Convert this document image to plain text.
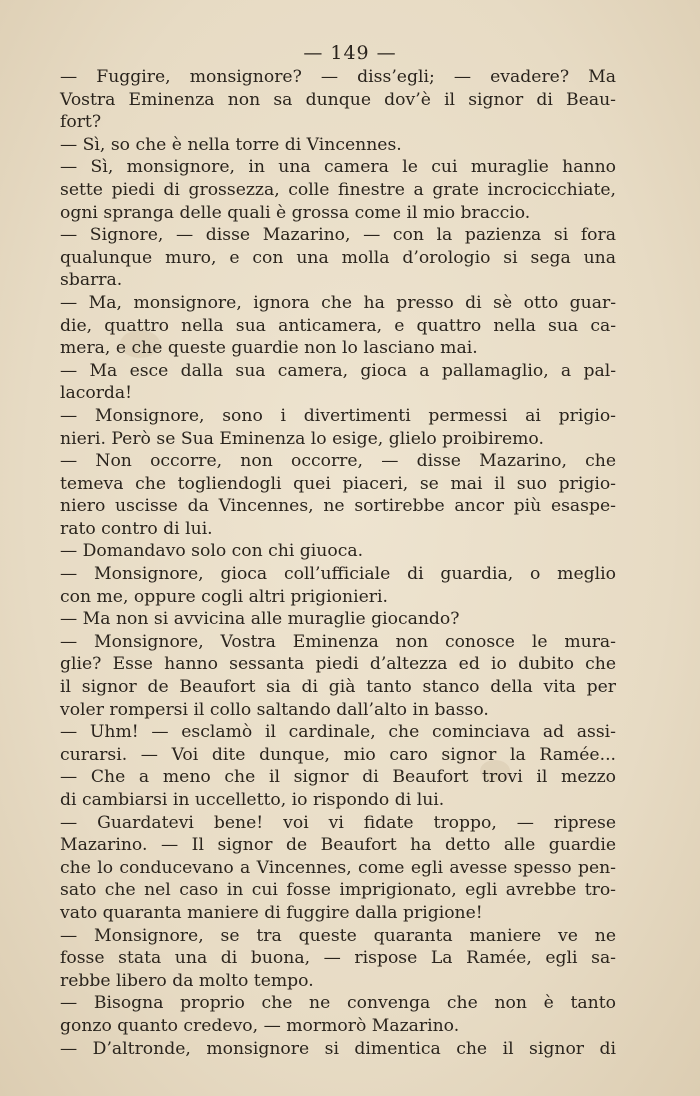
— 149 —
— Fuggire, monsignore? — diss’egli; — evadere? Ma
Vostra Eminenza non sa dunque dov’è il signor di Beau-
fort?
— Sì, so che è nella torre di Vincennes.
— Sì, monsignore, in una camera le cui muraglie hanno
sette piedi di grossezza, colle finestre a grate incrocicchiate,
ogni spranga delle quali è grossa come il mio braccio.
— Signore, — disse Mazarino, — con la pazienza si fora
qualunque muro, e con una molla d’orologio si sega una
sbarra.
— Ma, monsignore, ignora che ha presso di sè otto guar-
die, quattro nella sua anticamera, e quattro nella sua ca-
mera, e che queste guardie non lo lasciano mai.
— Ma esce dalla sua camera, gioca a pallamaglio, a pal-
lacorda!
— Monsignore, sono i divertimenti permessi ai prigio-
nieri. Però se Sua Eminenza lo esige, glielo proibiremo.
— Non occorre, non occorre, — disse Mazarino, che
temeva che togliendogli quei piaceri, se mai il suo prigio-
niero uscisse da Vincennes, ne sortirebbe ancor più esaspe-
rato contro di lui.
— Domandavo solo con chi giuoca.
— Monsignore, gioca coll’ufficiale di guardia, o meglio
con me, oppure cogli altri prigionieri.
— Ma non si avvicina alle muraglie giocando?
— Monsignore, Vostra Eminenza non conosce le mura-
glie? Esse hanno sessanta piedi d’altezza ed io dubito che
il signor de Beaufort sia di già tanto stanco della vita per
voler rompersi il collo saltando dall’alto in basso.
— Uhm! — esclamò il cardinale, che cominciava ad assi-
curarsi. — Voi dite dunque, mio caro signor la Ramée...
— Che a meno che il signor di Beaufort trovi il mezzo
di cambiarsi in uccelletto, io rispondo di lui.
— Guardatevi bene! voi vi fidate troppo, — riprese
Mazarino. — Il signor de Beaufort ha detto alle guardie
che lo conducevano a Vincennes, come egli avesse spesso pen-
sato che nel caso in cui fosse imprigionato, egli avrebbe tro-
vato quaranta maniere di fuggire dalla prigione!
— Monsignore, se tra queste quaranta maniere ve ne
fosse stata una di buona, — rispose La Ramée, egli sa-
rebbe libero da molto tempo.
— Bisogna proprio che ne convenga che non è tanto
gonzo quanto credevo, — mormorò Mazarino.
— D’altronde, monsignore si dimentica che il signor di
